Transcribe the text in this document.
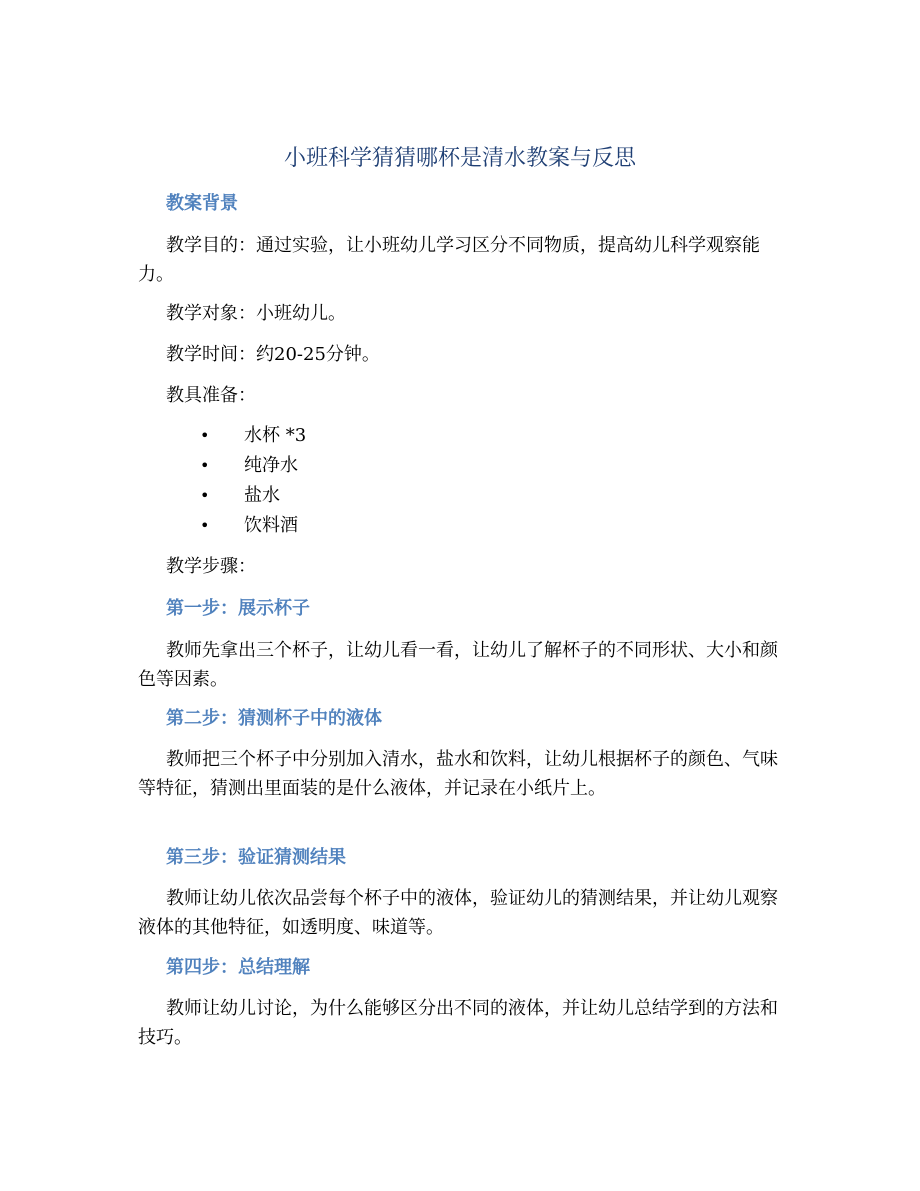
小班科学猜猜哪杯是清水教案与反思
教案背景
教学目的：通过实验，让小班幼儿学习区分不同物质，提高幼儿科学观察能力。
教学对象：小班幼儿。
教学时间：约20-25分钟。
教具准备：
• 水杯 *3
• 纯净水
• 盐水
• 饮料酒
教学步骤：
第一步：展示杯子
教师先拿出三个杯子，让幼儿看一看，让幼儿了解杯子的不同形状、大小和颜色等因素。
第二步：猜测杯子中的液体
教师把三个杯子中分别加入清水，盐水和饮料，让幼儿根据杯子的颜色、气味等特征，猜测出里面装的是什么液体，并记录在小纸片上。
第三步：验证猜测结果
教师让幼儿依次品尝每个杯子中的液体，验证幼儿的猜测结果，并让幼儿观察液体的其他特征，如透明度、味道等。
第四步：总结理解
教师让幼儿讨论，为什么能够区分出不同的液体，并让幼儿总结学到的方法和技巧。
